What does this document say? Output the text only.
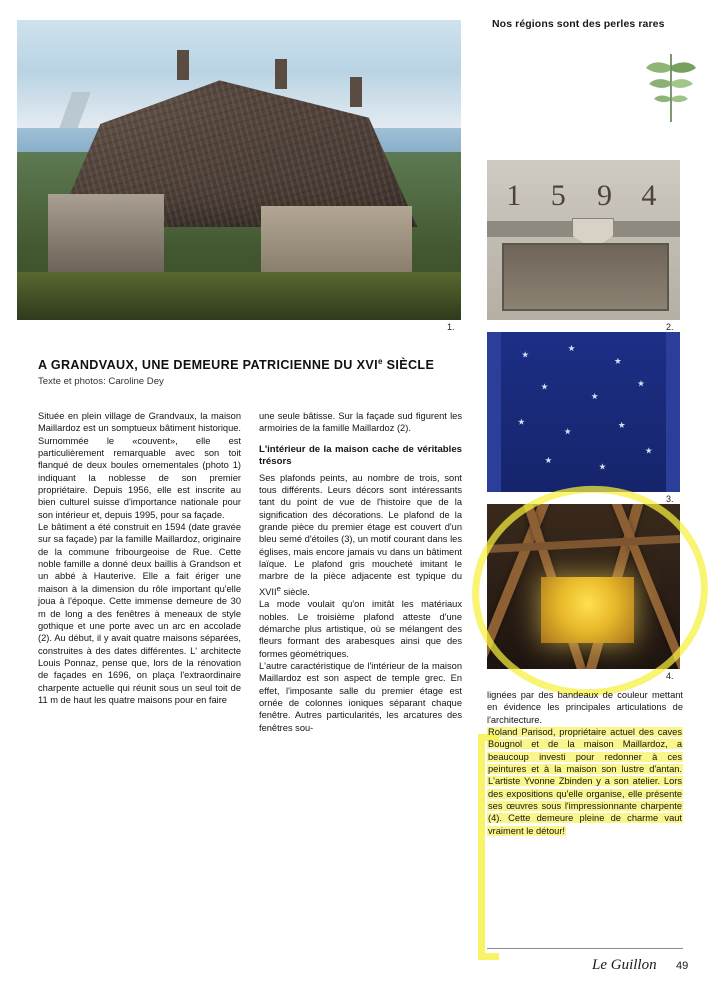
Nos régions sont des perles rares
1.
1 5 9 4
2.
3.
4.
A GRANDVAUX, UNE DEMEURE PATRICIENNE DU XVIe SIÈCLE
Texte et photos: Caroline Dey

Située en plein village de Grandvaux, la maison Maillardoz est un somptueux bâtiment historique. Surnommée le «couvent», elle est particulièrement remarquable avec son toit flanqué de deux boules ornementales (photo 1) indiquant la noblesse de son premier propriétaire. Depuis 1956, elle est inscrite au bien culturel suisse d'importance nationale pour son intérieur et, depuis 1995, pour sa façade.

Le bâtiment a été construit en 1594 (date gravée sur sa façade) par la famille Maillardoz, originaire de la commune fribourgeoise de Rue. Cette noble famille a donné deux baillis à Grandson et un abbé à Hauterive. Elle a fait ériger une maison à la dimension du rôle important qu'elle joua à l'époque. Cette immense demeure de 30 m de long a des fenêtres à meneaux de style gothique et une porte avec un arc en accolade (2). Au début, il y avait quatre maisons séparées, construites à des dates différentes. L' architecte Louis Ponnaz, pense que, lors de la rénovation de façades en 1696, on plaça l'extraordinaire charpente actuelle qui réunit sous un seul toit de 11 m de haut les quatre maisons pour en faire

une seule bâtisse. Sur la façade sud figurent les armoiries de la famille Maillardoz (2).

L'intérieur de la maison cache de véritables trésors

Ses plafonds peints, au nombre de trois, sont tous différents. Leurs décors sont intéressants tant du point de vue de l'histoire que de la signification des décorations. Le plafond de la grande pièce du premier étage est couvert d'un bleu semé d'étoiles (3), un motif courant dans les églises, mais encore jamais vu dans un bâtiment laïque. Le plafond gris moucheté imitant le marbre de la pièce adjacente est typique du XVIIe siècle.

La mode voulait qu'on imitât les matériaux nobles. Le troisième plafond atteste d'une démarche plus artistique, où se mélangent des fleurs formant des arabesques ainsi que des formes géométriques.

L'autre caractéristique de l'intérieur de la maison Maillardoz est son aspect de temple grec. En effet, l'imposante salle du premier étage est ornée de colonnes ioniques séparant chaque fenêtre. Autres particularités, les arcatures des fenêtres sou-

lignées par des bandeaux de couleur mettant en évidence les principales articulations de l'architecture.

Roland Parisod, propriétaire actuel des caves Bougnol et de la maison Maillardoz, a beaucoup investi pour redonner à ces peintures et à la maison son lustre d'antan. L'artiste Yvonne Zbinden y a son atelier. Lors des expositions qu'elle organise, elle présente ses œuvres sous l'impressionnante charpente (4). Cette demeure pleine de charme vaut vraiment le détour!

Le Guillon 49
